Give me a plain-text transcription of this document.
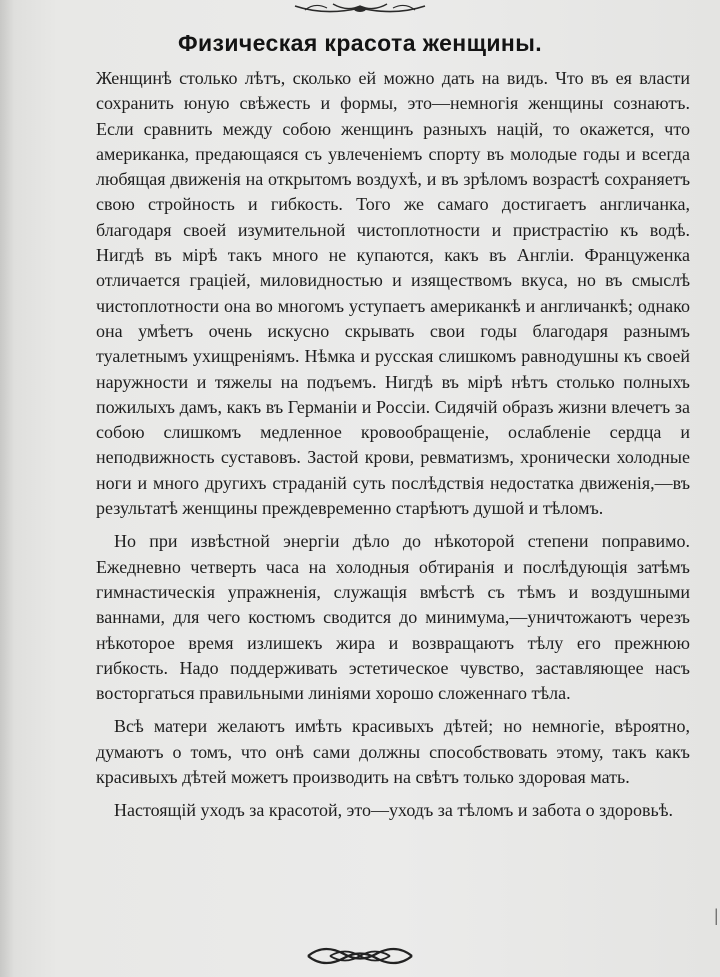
Физическая красота женщины.

Женщинѣ столько лѣтъ, сколько ей можно дать на видъ. Что въ ея власти сохранить юную свѣжесть и формы, это—немногія женщины сознаютъ. Если сравнить между собою женщинъ разныхъ націй, то окажется, что американка, предающаяся съ увлеченіемъ спорту въ молодые годы и всегда любящая движенія на открытомъ воздухѣ, и въ зрѣломъ возрастѣ сохраняетъ свою стройность и гибкость. Того же самаго достигаетъ англичанка, благодаря своей изумительной чистоплотности и пристрастію къ водѣ. Нигдѣ въ мірѣ такъ много не купаются, какъ въ Англіи. Француженка отличается граціей, миловидностью и изяществомъ вкуса, но въ смыслѣ чистоплотности она во многомъ уступаетъ американкѣ и англичанкѣ; однако она умѣетъ очень искусно скрывать свои годы благодаря разнымъ туалетнымъ ухищреніямъ. Нѣмка и русская слишкомъ равнодушны къ своей наружности и тяжелы на подъемъ. Нигдѣ въ мірѣ нѣтъ столько полныхъ пожилыхъ дамъ, какъ въ Германіи и Россіи. Сидячій образъ жизни влечетъ за собою слишкомъ медленное кровообращеніе, ослабленіе сердца и неподвижность суставовъ. Застой крови, ревматизмъ, хронически холодные ноги и много другихъ страданій суть послѣдствія недостатка движенія,—въ результатѣ женщины преждевременно старѣютъ душой и тѣломъ.

Но при извѣстной энергіи дѣло до нѣкоторой степени поправимо. Ежедневно четверть часа на холодныя обтиранія и послѣдующія затѣмъ гимнастическія упражненія, служащія вмѣстѣ съ тѣмъ и воздушными ваннами, для чего костюмъ сводится до минимума,—уничтожаютъ черезъ нѣкоторое время излишекъ жира и возвращаютъ тѣлу его прежнюю гибкость. Надо поддерживать эстетическое чувство, заставляющее насъ восторгаться правильными линіями хорошо сложеннаго тѣла.

Всѣ матери желаютъ имѣть красивыхъ дѣтей; но немногіе, вѣроятно, думаютъ о томъ, что онѣ сами должны способствовать этому, такъ какъ красивыхъ дѣтей можетъ производить на свѣтъ только здоровая мать.

Настоящій уходъ за красотой, это—уходъ за тѣломъ и забота о здоровьѣ.

|
